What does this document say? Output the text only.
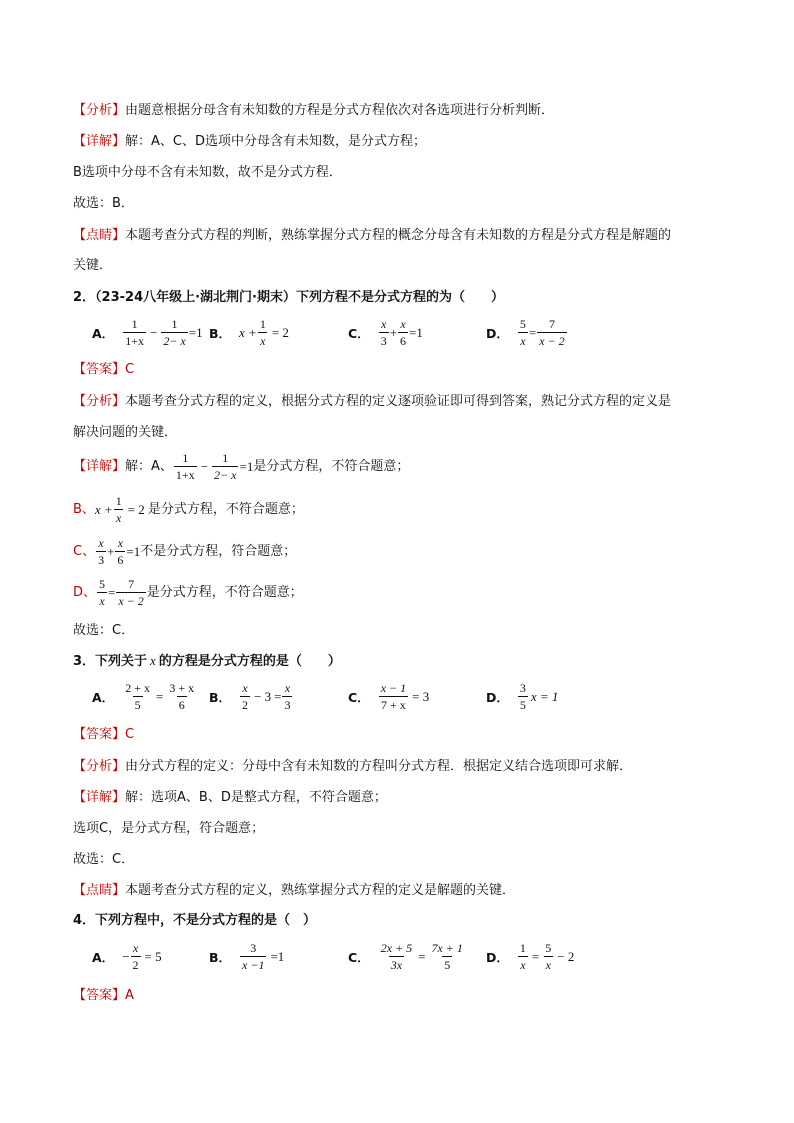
【分析】由题意根据分母含有未知数的方程是分式方程依次对各选项进行分析判断．
【详解】解：A、C、D选项中分母含有未知数，是分式方程；
B选项中分母不含有未知数，故不是分式方程．
故选：B．
【点睛】本题考查分式方程的判断，熟练掌握分式方程的概念分母含有未知数的方程是分式方程是解题的
关键．
2．（23-24八年级上·湖北荆门·期末）下列方程不是分式方程的为（　　）
A． $\frac{1}{1+x} - \frac{1}{2- x} =1$ B． $x + \frac{1}{x} = 2$	C． $\frac{x}{3} + \frac{x}{6} =1$	D． $\frac{5}{x} = \frac{7}{x - 2}$
【答案】C
【分析】本题考查分式方程的定义，根据分式方程的定义逐项验证即可得到答案，熟记分式方程的定义是
解决问题的关键．
【详解】 解：A、 $\frac{1}{1+x} - \frac{1}{2- x} =1$ 是分式方程，不符合题意；
B、 $x + \frac{1}{x} = 2$ 是分式方程，不符合题意；
C、 $\frac{x}{3} + \frac{x}{6} =1$ 不是分式方程，符合题意；
D、 $\frac{5}{x} = \frac{7}{x - 2}$ 是分式方程，不符合题意；
故选：C．
3．下列关于 x 的方程是分式方程的是（　　）
A． $\frac{2 + x}{5} = \frac{3 + x}{6}$ B． $\frac{x}{2} - 3 = \frac{x}{3}$	C． $\frac{x - 1}{7 + x} = 3$	D． $\frac{3}{5}$ x = 1
【答案】C
【分析】由分式方程的定义：分母中含有未知数的方程叫分式方程．根据定义结合选项即可求解．
【详解】解：选项A、B、D是整式方程，不符合题意；
选项C，是分式方程，符合题意；
故选：C．
【点睛】本题考查分式方程的定义，熟练掌握分式方程的定义是解题的关键．
4．下列方程中，不是分式方程的是（　）
A． − $\frac{x}{2} = 5$	B． $\frac{3}{x -1} =1$	C． $\frac{2x + 5}{3x} = \frac{7x + 1}{5}$ D． $\frac{1}{x} = \frac{5}{x} - 2$
【答案】A
